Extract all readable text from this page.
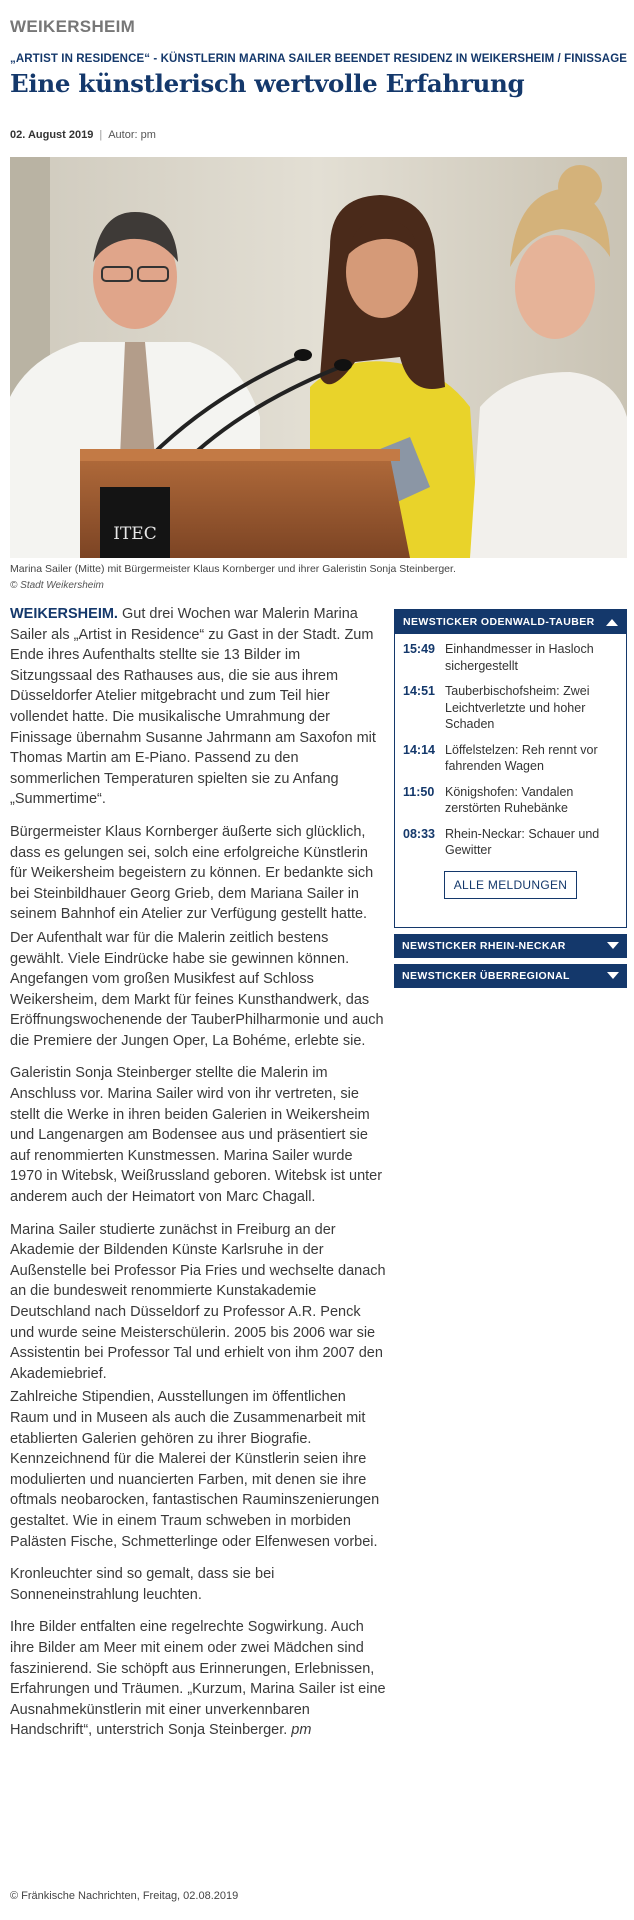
WEIKERSHEIM
„ARTIST IN RESIDENCE“ - KÜNSTLERIN MARINA SAILER BEENDET RESIDENZ IN WEIKERSHEIM / FINISSAGE
Eine künstlerisch wertvolle Erfahrung
02. August 2019 | Autor: pm
ITEC
Marina Sailer (Mitte) mit Bürgermeister Klaus Kornberger und ihrer Galeristin Sonja Steinberger.
© Stadt Weikersheim

WEIKERSHEIM. Gut drei Wochen war Malerin Marina Sailer als „Artist in Residence“ zu Gast in der Stadt. Zum Ende ihres Aufenthalts stellte sie 13 Bilder im Sitzungssaal des Rathauses aus, die sie aus ihrem Düsseldorfer Atelier mitgebracht und zum Teil hier vollendet hatte. Die musikalische Umrahmung der Finissage übernahm Susanne Jahrmann am Saxofon mit Thomas Martin am E-Piano. Passend zu den sommerlichen Temperaturen spielten sie zu Anfang „Summertime“.

Bürgermeister Klaus Kornberger äußerte sich glücklich, dass es gelungen sei, solch eine erfolgreiche Künstlerin für Weikersheim begeistern zu können. Er bedankte sich bei Steinbildhauer Georg Grieb, dem Mariana Sailer in seinem Bahnhof ein Atelier zur Verfügung gestellt hatte.

Der Aufenthalt war für die Malerin zeitlich bestens gewählt. Viele Eindrücke habe sie gewinnen können. Angefangen vom großen Musikfest auf Schloss Weikersheim, dem Markt für feines Kunsthandwerk, das Eröffnungswochenende der TauberPhilharmonie und auch die Premiere der Jungen Oper, La Bohéme, erlebte sie.

Galeristin Sonja Steinberger stellte die Malerin im Anschluss vor. Marina Sailer wird von ihr vertreten, sie stellt die Werke in ihren beiden Galerien in Weikersheim und Langenargen am Bodensee aus und präsentiert sie auf renommierten Kunstmessen. Marina Sailer wurde 1970 in Witebsk, Weißrussland geboren. Witebsk ist unter anderem auch der Heimatort von Marc Chagall.

Marina Sailer studierte zunächst in Freiburg an der Akademie der Bildenden Künste Karlsruhe in der Außenstelle bei Professor Pia Fries und wechselte danach an die bundesweit renommierte Kunstakademie Deutschland nach Düsseldorf zu Professor A.R. Penck und wurde seine Meisterschülerin. 2005 bis 2006 war sie Assistentin bei Professor Tal und erhielt von ihm 2007 den Akademiebrief.

Zahlreiche Stipendien, Ausstellungen im öffentlichen Raum und in Museen als auch die Zusammenarbeit mit etablierten Galerien gehören zu ihrer Biografie. Kennzeichnend für die Malerei der Künstlerin seien ihre modulierten und nuancierten Farben, mit denen sie ihre oftmals neobarocken, fantastischen Rauminszenierungen gestaltet. Wie in einem Traum schweben in morbiden Palästen Fische, Schmetterlinge oder Elfenwesen vorbei.

Kronleuchter sind so gemalt, dass sie bei Sonneneinstrahlung leuchten.

Ihre Bilder entfalten eine regelrechte Sogwirkung. Auch ihre Bilder am Meer mit einem oder zwei Mädchen sind faszinierend. Sie schöpft aus Erinnerungen, Erlebnissen, Erfahrungen und Träumen. „Kurzum, Marina Sailer ist eine Ausnahmekünstlerin mit einer unverkennbaren Handschrift“, unterstrich Sonja Steinberger. pm

© Fränkische Nachrichten, Freitag, 02.08.2019
NEWSTICKER ODENWALD-TAUBER
15:49 Einhandmesser in Hasloch sichergestellt
14:51 Tauberbischofsheim: Zwei Leichtverletzte und hoher Schaden
14:14 Löffelstelzen: Reh rennt vor fahrenden Wagen
11:50 Königshofen: Vandalen zerstörten Ruhebänke
08:33 Rhein-Neckar: Schauer und Gewitter
ALLE MELDUNGEN
NEWSTICKER RHEIN-NECKAR
NEWSTICKER ÜBERREGIONAL
